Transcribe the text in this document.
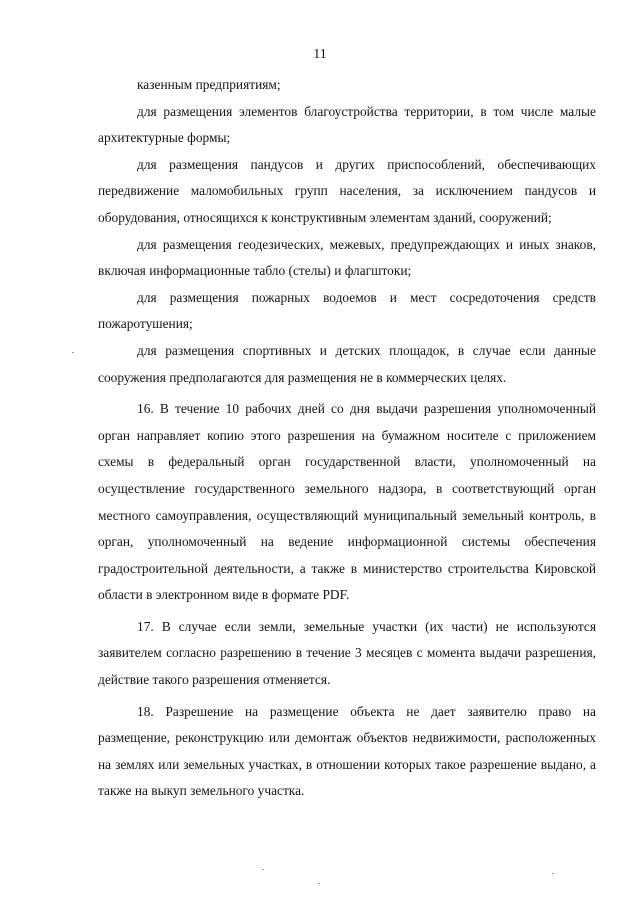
11

казенным предприятиям;

для размещения элементов благоустройства территории, в том числе малые архитектурные формы;

для размещения пандусов и других приспособлений, обеспечивающих передвижение маломобильных групп населения, за исключением пандусов и оборудования, относящихся к конструктивным элементам зданий, сооружений;

для размещения геодезических, межевых, предупреждающих и иных знаков, включая информационные табло (стелы) и флагштоки;

для размещения пожарных водоемов и мест сосредоточения средств пожаротушения;

для размещения спортивных и детских площадок, в случае если данные сооружения предполагаются для размещения не в коммерческих целях.

16. В течение 10 рабочих дней со дня выдачи разрешения уполномоченный орган направляет копию этого разрешения на бумажном носителе с приложением схемы в федеральный орган государственной власти, уполномоченный на осуществление государственного земельного надзора, в соответствующий орган местного самоуправления, осуществляющий муниципальный земельный контроль, в орган, уполномоченный на ведение информационной системы обеспечения градостроительной деятельности, а также в министерство строительства Кировской области в электронном виде в формате PDF.

17. В случае если земли, земельные участки (их части) не используются заявителем согласно разрешению в течение 3 месяцев с момента выдачи разрешения, действие такого разрешения отменяется.

18. Разрешение на размещение объекта не дает заявителю право на размещение, реконструкцию или демонтаж объектов недвижимости, расположенных на землях или земельных участках, в отношении которых такое разрешение выдано, а также на выкуп земельного участка.
